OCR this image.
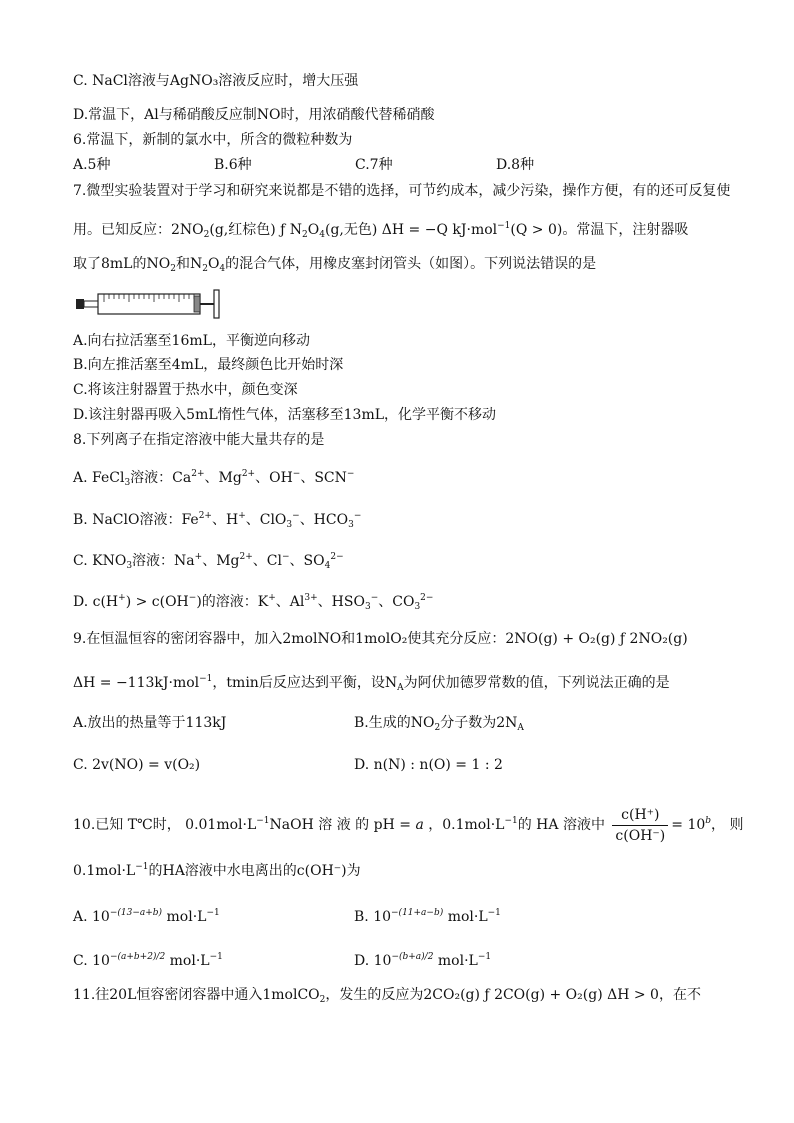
C. NaCl溶液与AgNO₃溶液反应时，增大压强
D.常温下，Al与稀硝酸反应制NO时，用浓硝酸代替稀硝酸
6.常温下，新制的氯水中，所含的微粒种数为
A.5种	B.6种	C.7种	D.8种
7.微型实验装置对于学习和研究来说都是不错的选择，可节约成本，减少污染，操作方便，有的还可反复使
用。已知反应：$2NO_2(g$,红棕色) ƒ $N_2O_4(g$,无色) ΔH = −Q kJ·mol$^{-1}$(Q > 0)。常温下，注射器吸
取了8mL的$NO_2$和$N_2O_4$的混合气体，用橡皮塞封闭管头（如图）。下列说法错误的是
A.向右拉活塞至16mL，平衡逆向移动
B.向左推活塞至4mL，最终颜色比开始时深
C.将该注射器置于热水中，颜色变深
D.该注射器再吸入5mL惰性气体，活塞移至13mL，化学平衡不移动
8.下列离子在指定溶液中能大量共存的是
A. FeCl$_3$溶液：$Ca^{2+}$、$Mg^{2+}$、OH−、SCN−
B. NaClO溶液：$Fe^{2+}$、H+、ClO$_3$−、$HCO_3^-$
C. $KNO_3$溶液：Na+、$Mg^{2+}$、Cl−、$SO_4^{2-}$
D. c(H+) > c(OH−)的溶液：K+、$Al^{3+}$、$HSO_3^-$、$CO_3^{2-}$
9.在恒温恒容的密闭容器中，加入2molNO和1molO₂使其充分反应：2NO(g) + O₂(g) ƒ 2NO₂(g)
ΔH = −113kJ·mol$^{-1}$，tmin后反应达到平衡，设$N_A$为阿伏加德罗常数的值，下列说法正确的是
A.放出的热量等于113kJ	B.生成的$NO_2$分子数为$2N_A$
C. 2v(NO) = v(O₂)	D. n(N) : n(O) = 1 : 2
10.已知 T℃时， $0.01mol\cdot L^{-1}NaOH$ 溶 液 的 pH = a ，$0.1mol\cdot L^{-1}$的 HA 溶液中 $\frac{c(H^+)}{c(OH^-)} = 10^b$， 则
$0.1mol\cdot L^{-1}$的HA溶液中水电离出的c(OH⁻)为
A. $10^{-(13-a+b)}$ $mol\cdot L^{-1}$	B. $10^{-(11+a-b)}$ $mol\cdot L^{-1}$
C. $10^{-(a+b+2)/2}$ $mol\cdot L^{-1}$	D. $10^{-(b+a)/2}$ $mol\cdot L^{-1}$
11.往20L恒容密闭容器中通入1molCO$_2$，发生的反应为2CO₂(g) ƒ 2CO(g) + O₂(g) ΔH > 0，在不
